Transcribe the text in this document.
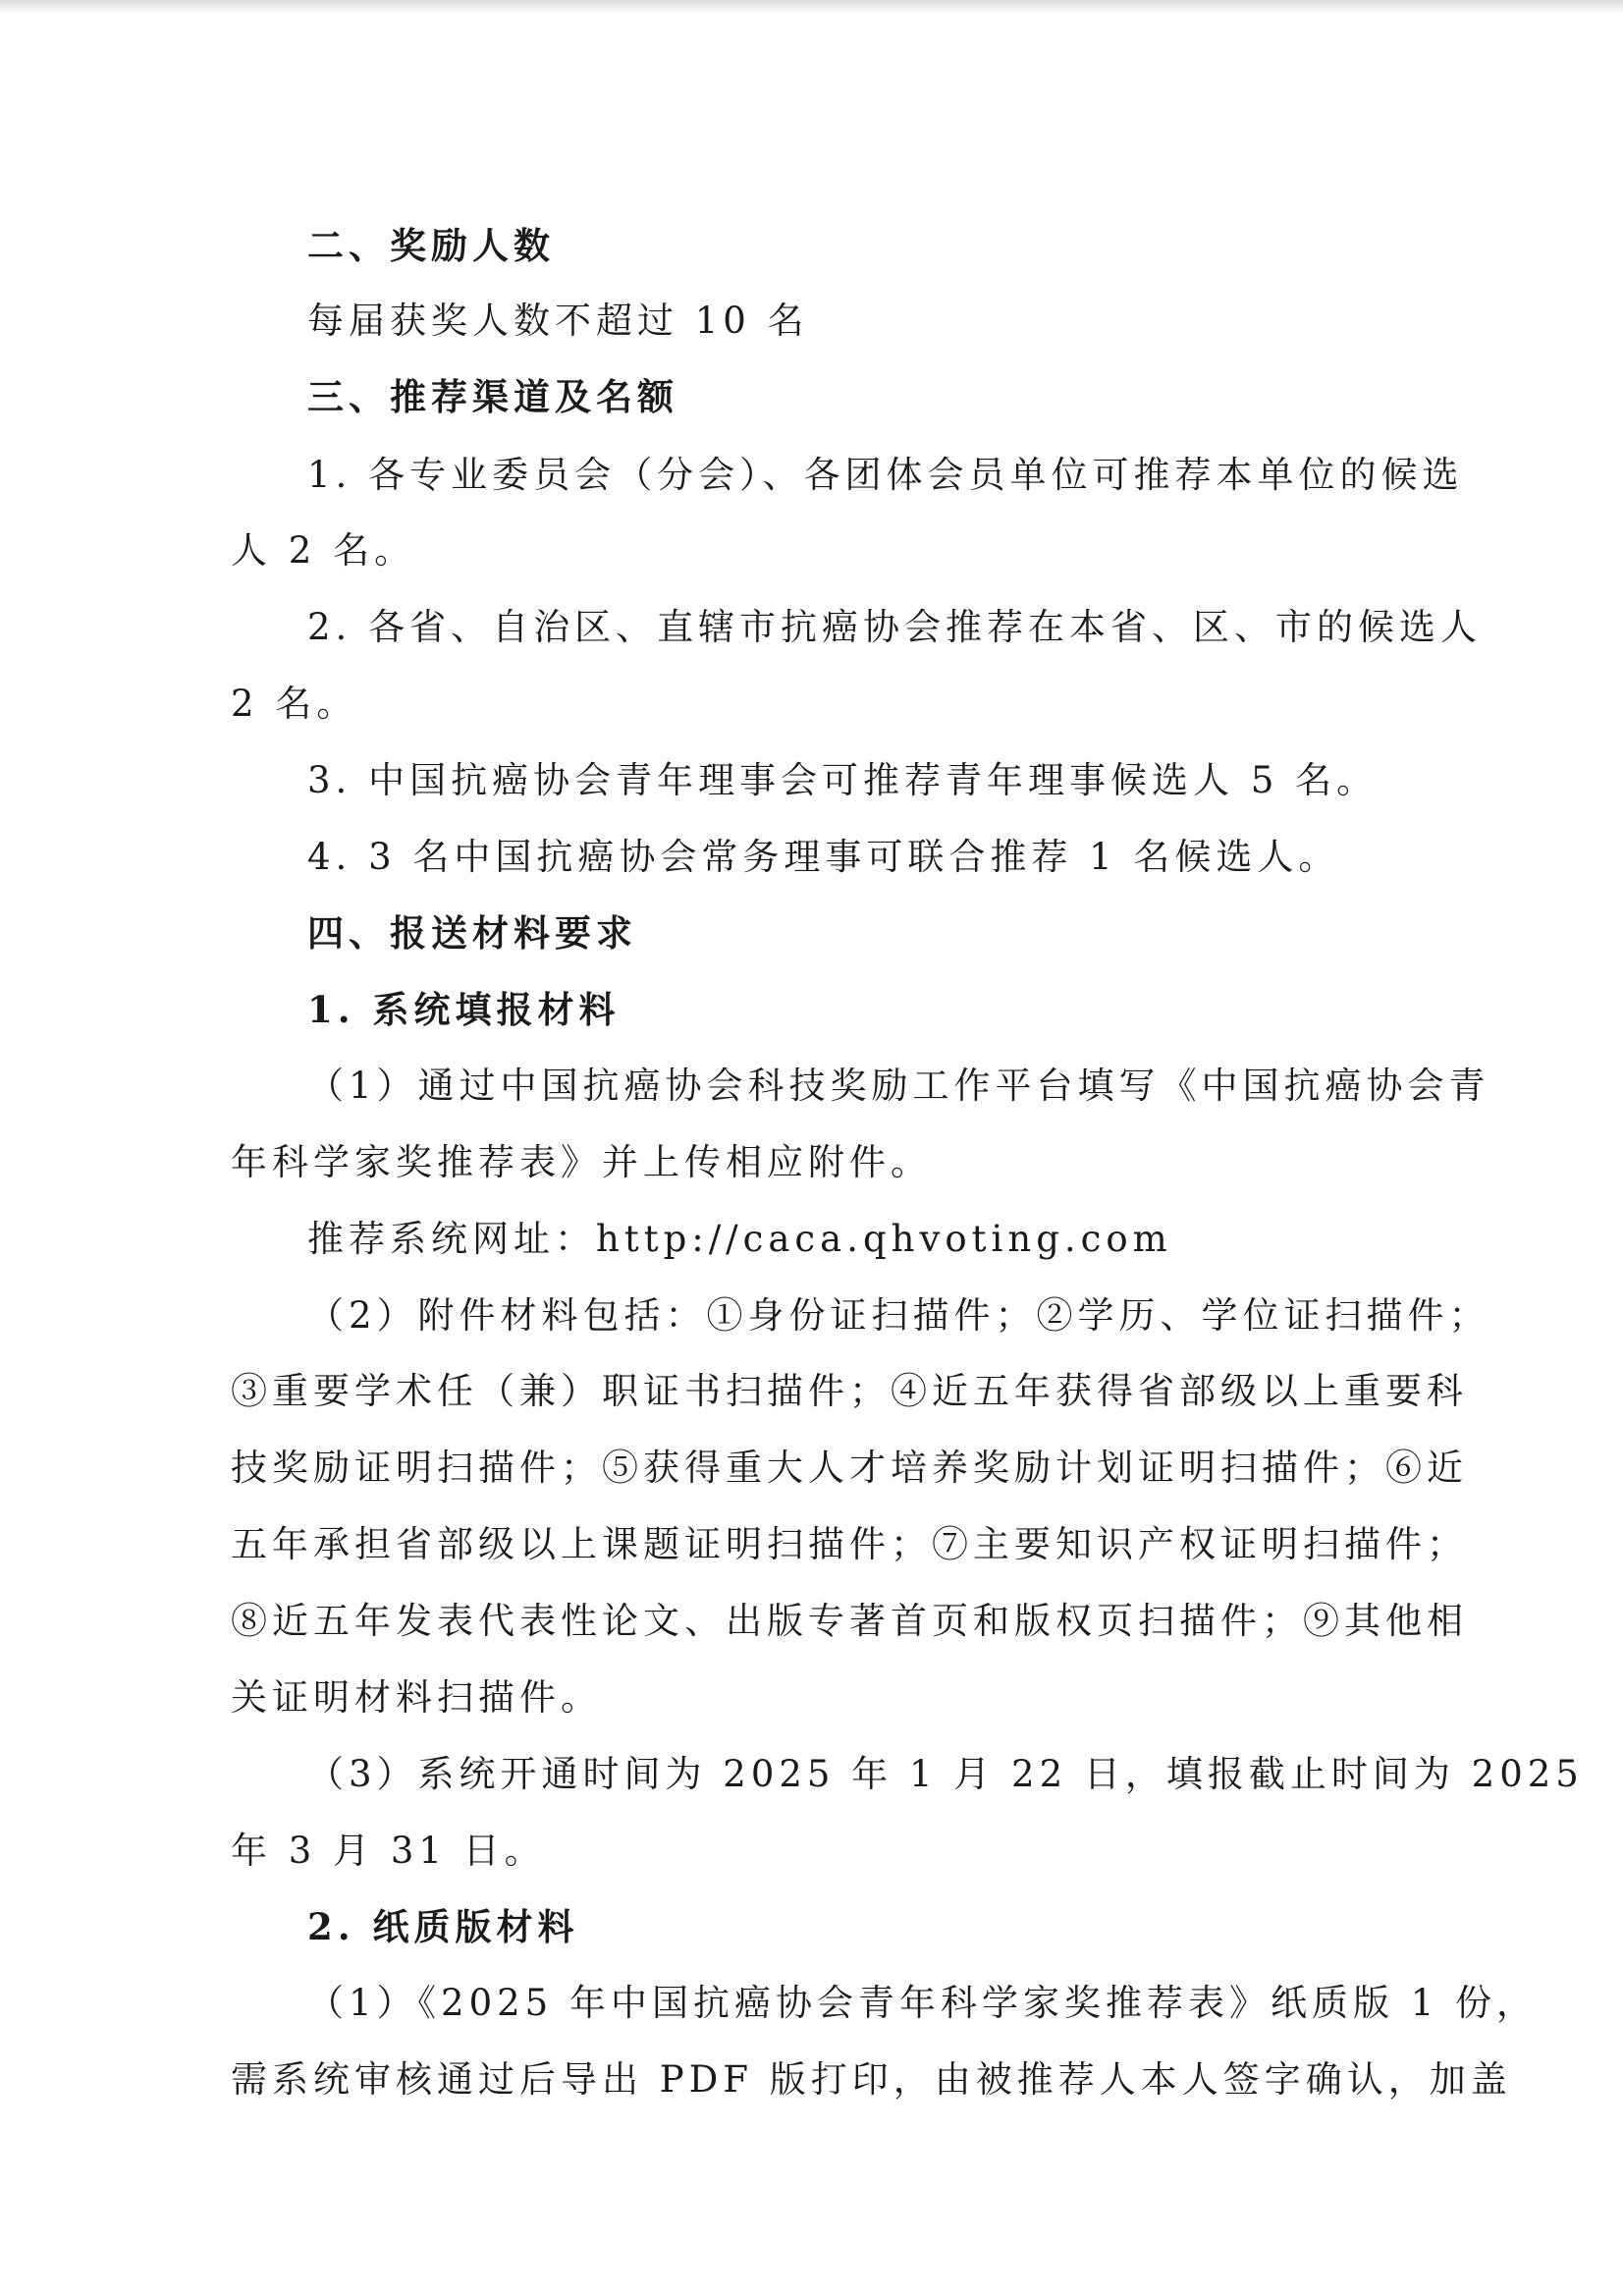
二、奖励人数
每届获奖人数不超过 10 名
三、推荐渠道及名额
1. 各专业委员会（分会）、各团体会员单位可推荐本单位的候选
人 2 名。
2. 各省、自治区、直辖市抗癌协会推荐在本省、区、市的候选人
2 名。
3. 中国抗癌协会青年理事会可推荐青年理事候选人 5 名。
4. 3 名中国抗癌协会常务理事可联合推荐 1 名候选人。
四、报送材料要求
1. 系统填报材料
（1）通过中国抗癌协会科技奖励工作平台填写《中国抗癌协会青
年科学家奖推荐表》并上传相应附件。
推荐系统网址：http://caca.qhvoting.com
（2）附件材料包括：①身份证扫描件；②学历、学位证扫描件；
③重要学术任（兼）职证书扫描件；④近五年获得省部级以上重要科
技奖励证明扫描件；⑤获得重大人才培养奖励计划证明扫描件；⑥近
五年承担省部级以上课题证明扫描件；⑦主要知识产权证明扫描件；
⑧近五年发表代表性论文、出版专著首页和版权页扫描件；⑨其他相
关证明材料扫描件。
（3）系统开通时间为 2025 年 1 月 22 日，填报截止时间为 2025
年 3 月 31 日。
2. 纸质版材料
（1）《2025 年中国抗癌协会青年科学家奖推荐表》纸质版 1 份，
需系统审核通过后导出 PDF 版打印，由被推荐人本人签字确认，加盖
